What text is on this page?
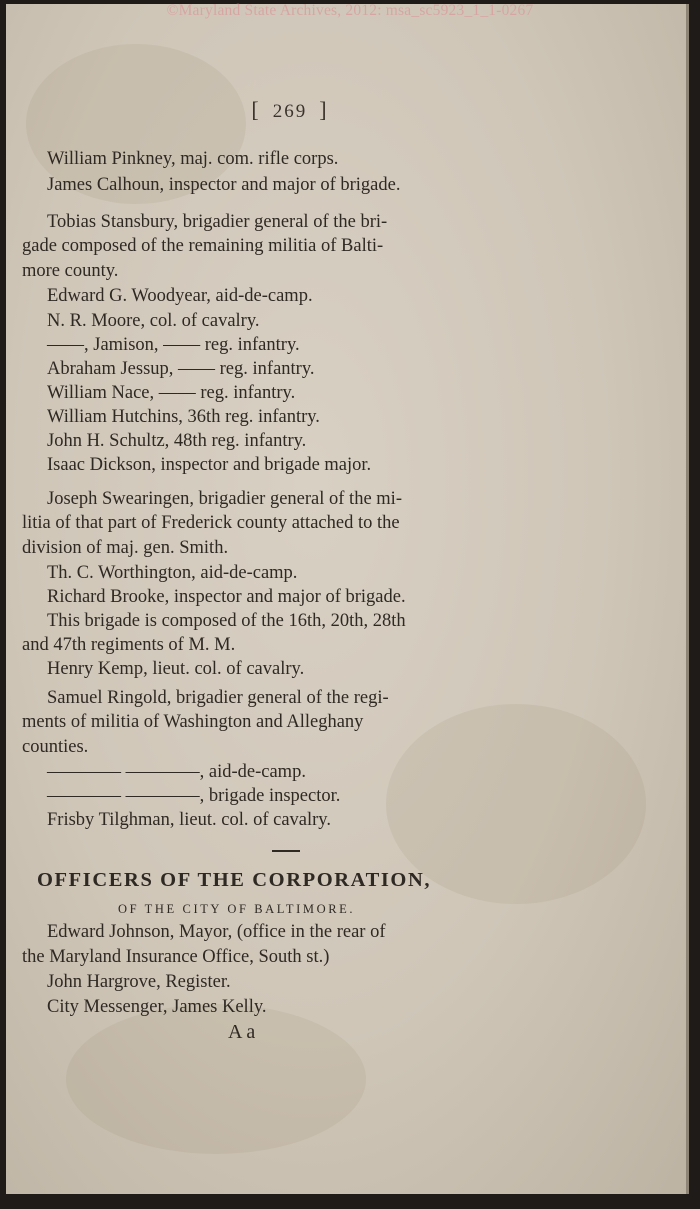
©Maryland State Archives, 2012: msa_sc5923_1_1-0267
[ 269 ]
William Pinkney, maj. com. rifle corps.
James Calhoun, inspector and major of brigade.
Tobias Stansbury, brigadier general of the bri-
gade composed of the remaining militia of Balti-
more county.
Edward G. Woodyear, aid-de-camp.
N. R. Moore, col. of cavalry.
——, Jamison, —— reg. infantry.
Abraham Jessup, —— reg. infantry.
William Nace, —— reg. infantry.
William Hutchins, 36th reg. infantry.
John H. Schultz, 48th reg. infantry.
Isaac Dickson, inspector and brigade major.
Joseph Swearingen, brigadier general of the mi-
litia of that part of Frederick county attached to the
division of maj. gen. Smith.
Th. C. Worthington, aid-de-camp.
Richard Brooke, inspector and major of brigade.
This brigade is composed of the 16th, 20th, 28th
and 47th regiments of M. M.
Henry Kemp, lieut. col. of cavalry.
Samuel Ringold, brigadier general of the regi-
ments of militia of Washington and Alleghany
counties.
———— ————, aid-de-camp.
———— ————, brigade inspector.
Frisby Tilghman, lieut. col. of cavalry.
OFFICERS OF THE CORPORATION,
OF THE CITY OF BALTIMORE.
Edward Johnson, Mayor, (office in the rear of
the Maryland Insurance Office, South st.)
John Hargrove, Register.
City Messenger, James Kelly.
A a
